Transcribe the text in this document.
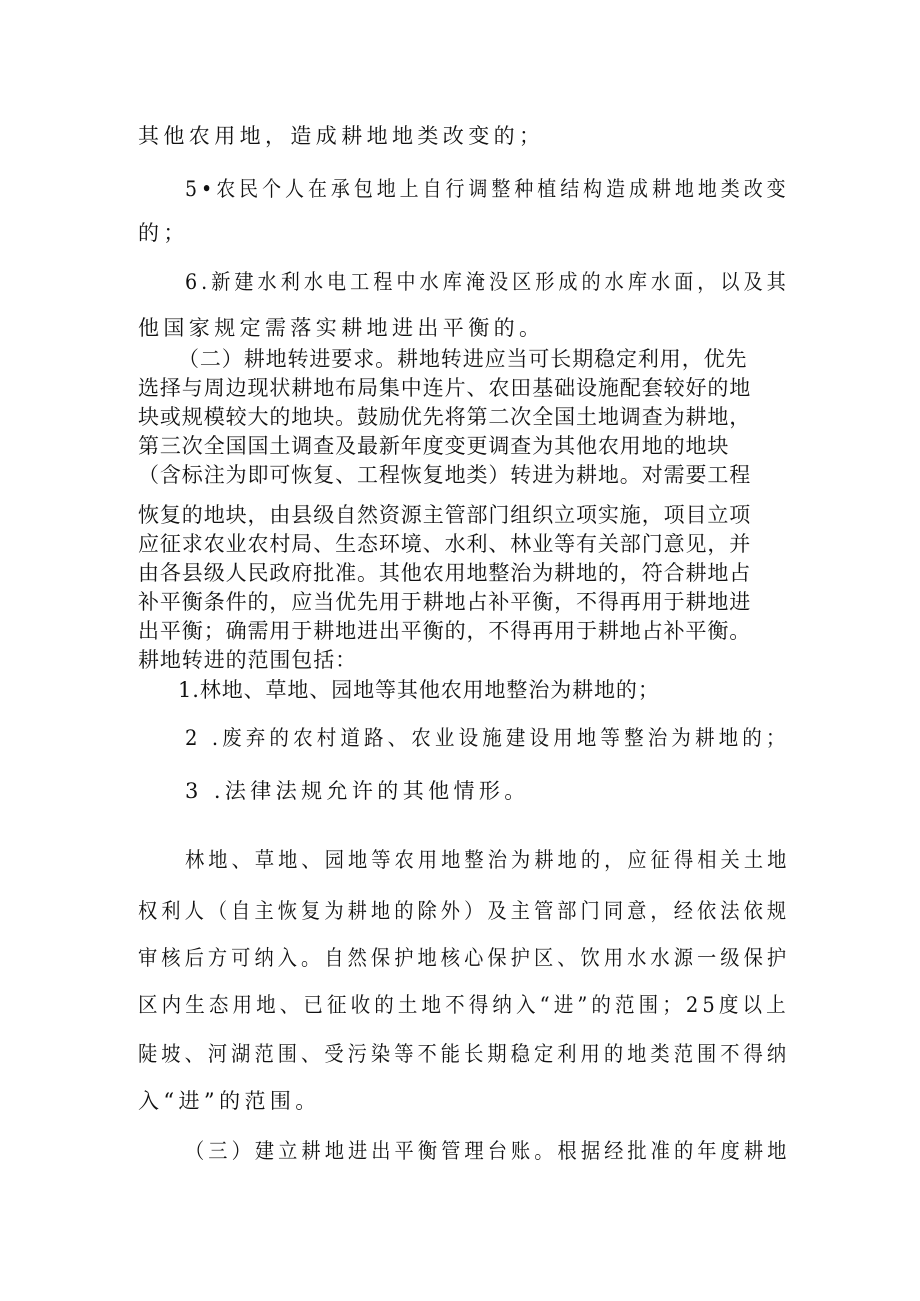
其他农用地，造成耕地地类改变的；

5•农民个人在承包地上自行调整种植结构造成耕地地类改变

的；

6.新建水利水电工程中水库淹没区形成的水库水面，以及其

他国家规定需落实耕地进出平衡的。

（二）耕地转进要求。耕地转进应当可长期稳定利用，优先

选择与周边现状耕地布局集中连片、农田基础设施配套较好的地

块或规模较大的地块。鼓励优先将第二次全国土地调查为耕地，

第三次全国国土调查及最新年度变更调查为其他农用地的地块

（含标注为即可恢复、工程恢复地类）转进为耕地。对需要工程

恢复的地块，由县级自然资源主管部门组织立项实施，项目立项

应征求农业农村局、生态环境、水利、林业等有关部门意见，并

由各县级人民政府批准。其他农用地整治为耕地的，符合耕地占

补平衡条件的，应当优先用于耕地占补平衡，不得再用于耕地进

出平衡；确需用于耕地进出平衡的，不得再用于耕地占补平衡。

耕地转进的范围包括：

1.林地、草地、园地等其他农用地整治为耕地的；

2 .废弃的农村道路、农业设施建设用地等整治为耕地的；

3 .法律法规允许的其他情形。

林地、草地、园地等农用地整治为耕地的，应征得相关土地

权利人（自主恢复为耕地的除外）及主管部门同意，经依法依规

审核后方可纳入。自然保护地核心保护区、饮用水水源一级保护

区内生态用地、已征收的土地不得纳入“进”的范围；25度以上

陡坡、河湖范围、受污染等不能长期稳定利用的地类范围不得纳

入“进”的范围。

（三）建立耕地进出平衡管理台账。根据经批准的年度耕地
